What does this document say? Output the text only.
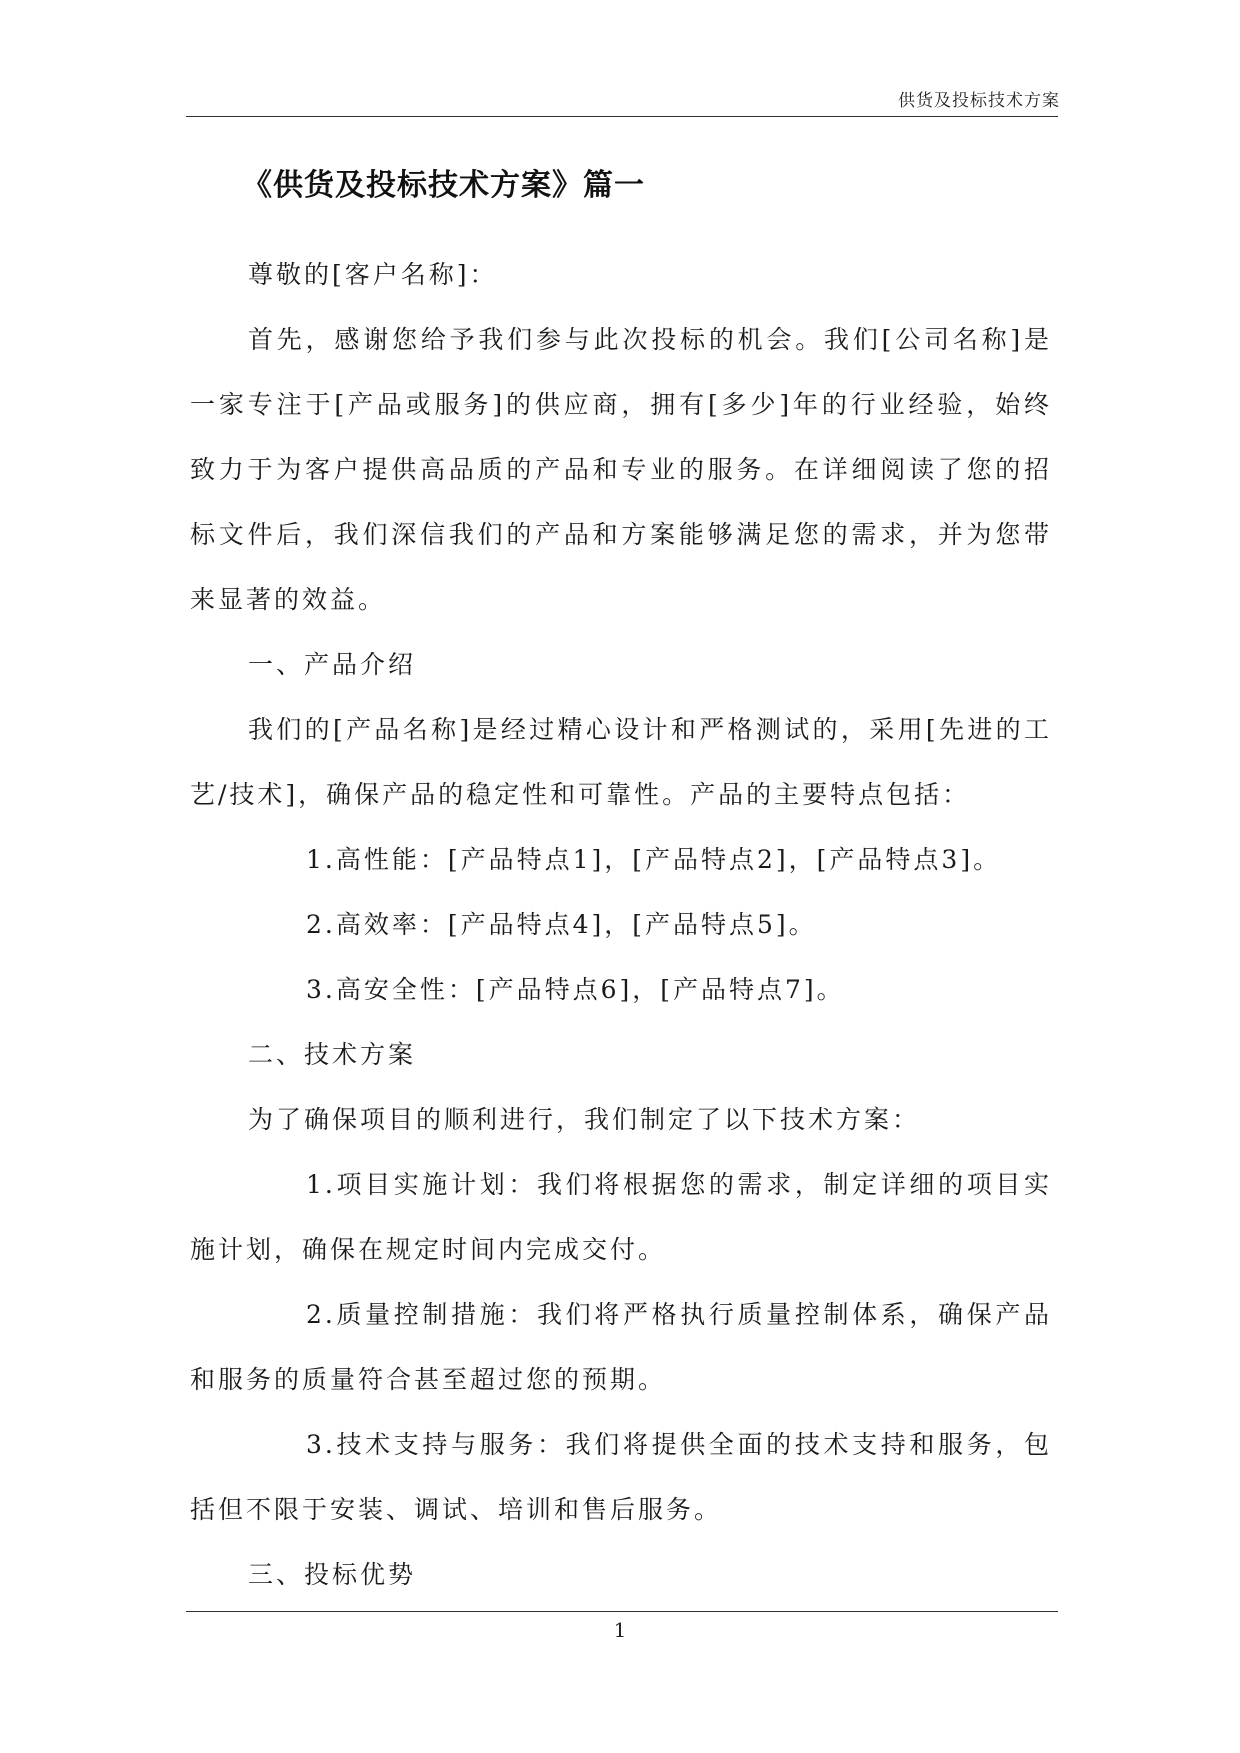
供货及投标技术方案
《供货及投标技术方案》篇一

尊敬的[客户名称]：

首先，感谢您给予我们参与此次投标的机会。我们[公司名称]是一家专注于[产品或服务]的供应商，拥有[多少]年的行业经验，始终致力于为客户提供高品质的产品和专业的服务。在详细阅读了您的招标文件后，我们深信我们的产品和方案能够满足您的需求，并为您带来显著的效益。

一、产品介绍

我们的[产品名称]是经过精心设计和严格测试的，采用[先进的工艺/技术]，确保产品的稳定性和可靠性。产品的主要特点包括：

1.高性能：[产品特点1]，[产品特点2]，[产品特点3]。

2.高效率：[产品特点4]，[产品特点5]。

3.高安全性：[产品特点6]，[产品特点7]。

二、技术方案

为了确保项目的顺利进行，我们制定了以下技术方案：

1.项目实施计划：我们将根据您的需求，制定详细的项目实施计划，确保在规定时间内完成交付。

2.质量控制措施：我们将严格执行质量控制体系，确保产品和服务的质量符合甚至超过您的预期。

3.技术支持与服务：我们将提供全面的技术支持和服务，包括但不限于安装、调试、培训和售后服务。

三、投标优势

1
